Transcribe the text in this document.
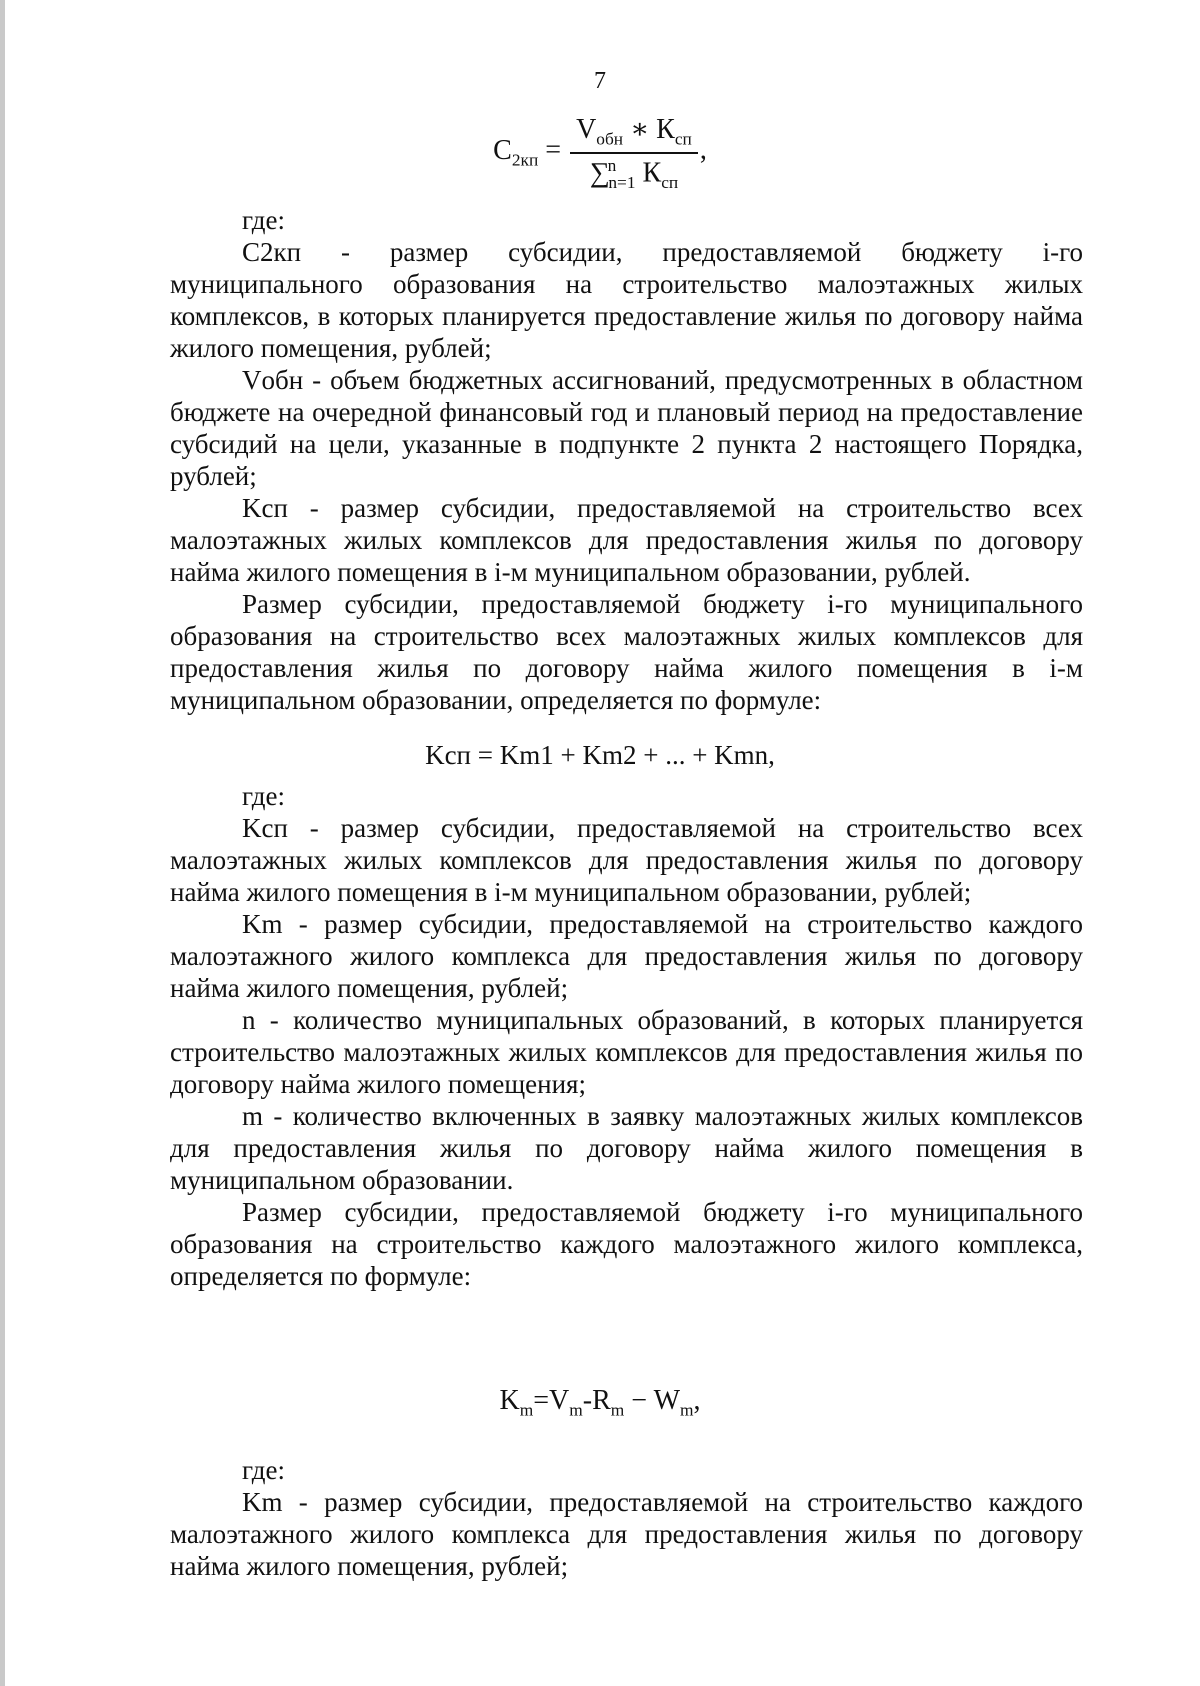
7
$C_{2кп} = \frac{V_{обн} ∗ К_{сп}}{\sum^n_{n=1} К_{сп}}$ ,

где:

C2кп - размер субсидии, предоставляемой бюджету i-го муниципального образования на строительство малоэтажных жилых комплексов, в которых планируется предоставление жилья по договору найма жилого помещения, рублей;

Vобн - объем бюджетных ассигнований, предусмотренных в областном бюджете на очередной финансовый год и плановый период на предоставление субсидий на цели, указанные в подпункте 2 пункта 2 настоящего Порядка, рублей;

Kсп - размер субсидии, предоставляемой на строительство всех малоэтажных жилых комплексов для предоставления жилья по договору найма жилого помещения в i-м муниципальном образовании, рублей.

Размер субсидии, предоставляемой бюджету i-го муниципального образования на строительство всех малоэтажных жилых комплексов для предоставления жилья по договору найма жилого помещения в i-м муниципальном образовании, определяется по формуле:

Kсп = Km1 + Km2 + ... + Kmn,

где:

Kсп - размер субсидии, предоставляемой на строительство всех малоэтажных жилых комплексов для предоставления жилья по договору найма жилого помещения в i-м муниципальном образовании, рублей;

Km - размер субсидии, предоставляемой на строительство каждого малоэтажного жилого комплекса для предоставления жилья по договору найма жилого помещения, рублей;

n - количество муниципальных образований, в которых планируется строительство малоэтажных жилых комплексов для предоставления жилья по договору найма жилого помещения;

m - количество включенных в заявку малоэтажных жилых комплексов для предоставления жилья по договору найма жилого помещения в муниципальном образовании.

Размер субсидии, предоставляемой бюджету i-го муниципального образования на строительство каждого малоэтажного жилого комплекса, определяется по формуле:

$K_m=V_m-R_m - W_m$,

где:

Km - размер субсидии, предоставляемой на строительство каждого малоэтажного жилого комплекса для предоставления жилья по договору найма жилого помещения, рублей;
